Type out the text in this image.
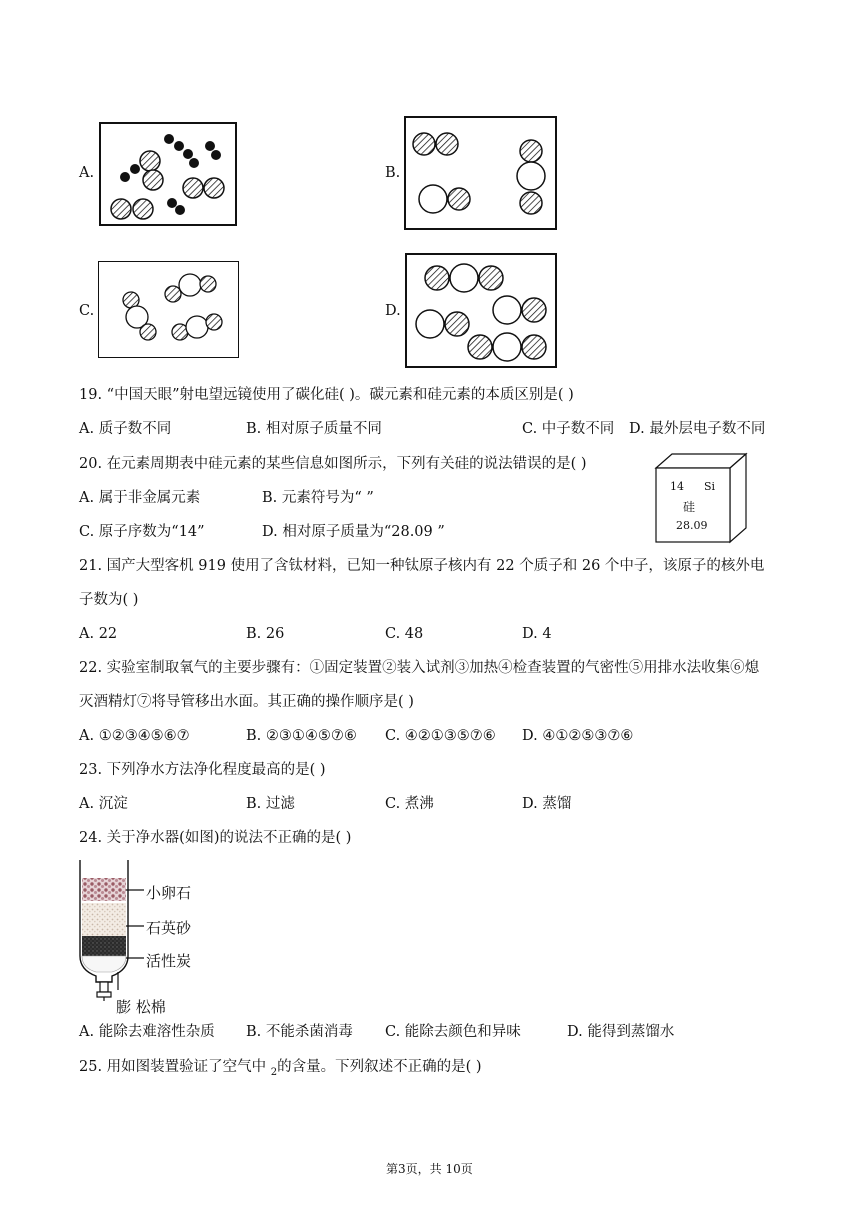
A.	B.
C.	D.
19. “中国天眼”射电望远镜使用了碳化硅( )。碳元素和硅元素的本质区别是( )
A. 质子数不同	B. 相对原子质量不同	C. 中子数不同 D. 最外层电子数不同
20. 在元素周期表中硅元素的某些信息如图所示，下列有关硅的说法错误的是( )
A. 属于非金属元素	B. 元素符号为“ ”
C. 原子序数为“14”	D. 相对原子质量为“28.09 ”
14 Si
硅
28.09
21. 国产大型客机 919 使用了含钛材料，已知一种钛原子核内有 22 个质子和 26 个中子，该原子的核外电
子数为( )
A. 22	B. 26	C. 48	D. 4
22. 实验室制取氧气的主要步骤有：①固定装置②装入试剂③加热④检查装置的气密性⑤用排水法收集⑥熄
灭酒精灯⑦将导管移出水面。其正确的操作顺序是( )
A. ①②③④⑤⑥⑦	B. ②③①④⑤⑦⑥ C. ④②①③⑤⑦⑥ D. ④①②⑤③⑦⑥
23. 下列净水方法净化程度最高的是( )
A. 沉淀	B. 过滤	C. 煮沸	D. 蒸馏
24. 关于净水器(如图)的说法不正确的是( )
小卵石
石英砂
活性炭
膨 松棉
A. 能除去难溶性杂质 B. 不能杀菌消毒 C. 能除去颜色和异味	D. 能得到蒸馏水
25. 用如图装置验证了空气中 $_2$的含量。下列叙述不正确的是( )
第3页，共 10页
